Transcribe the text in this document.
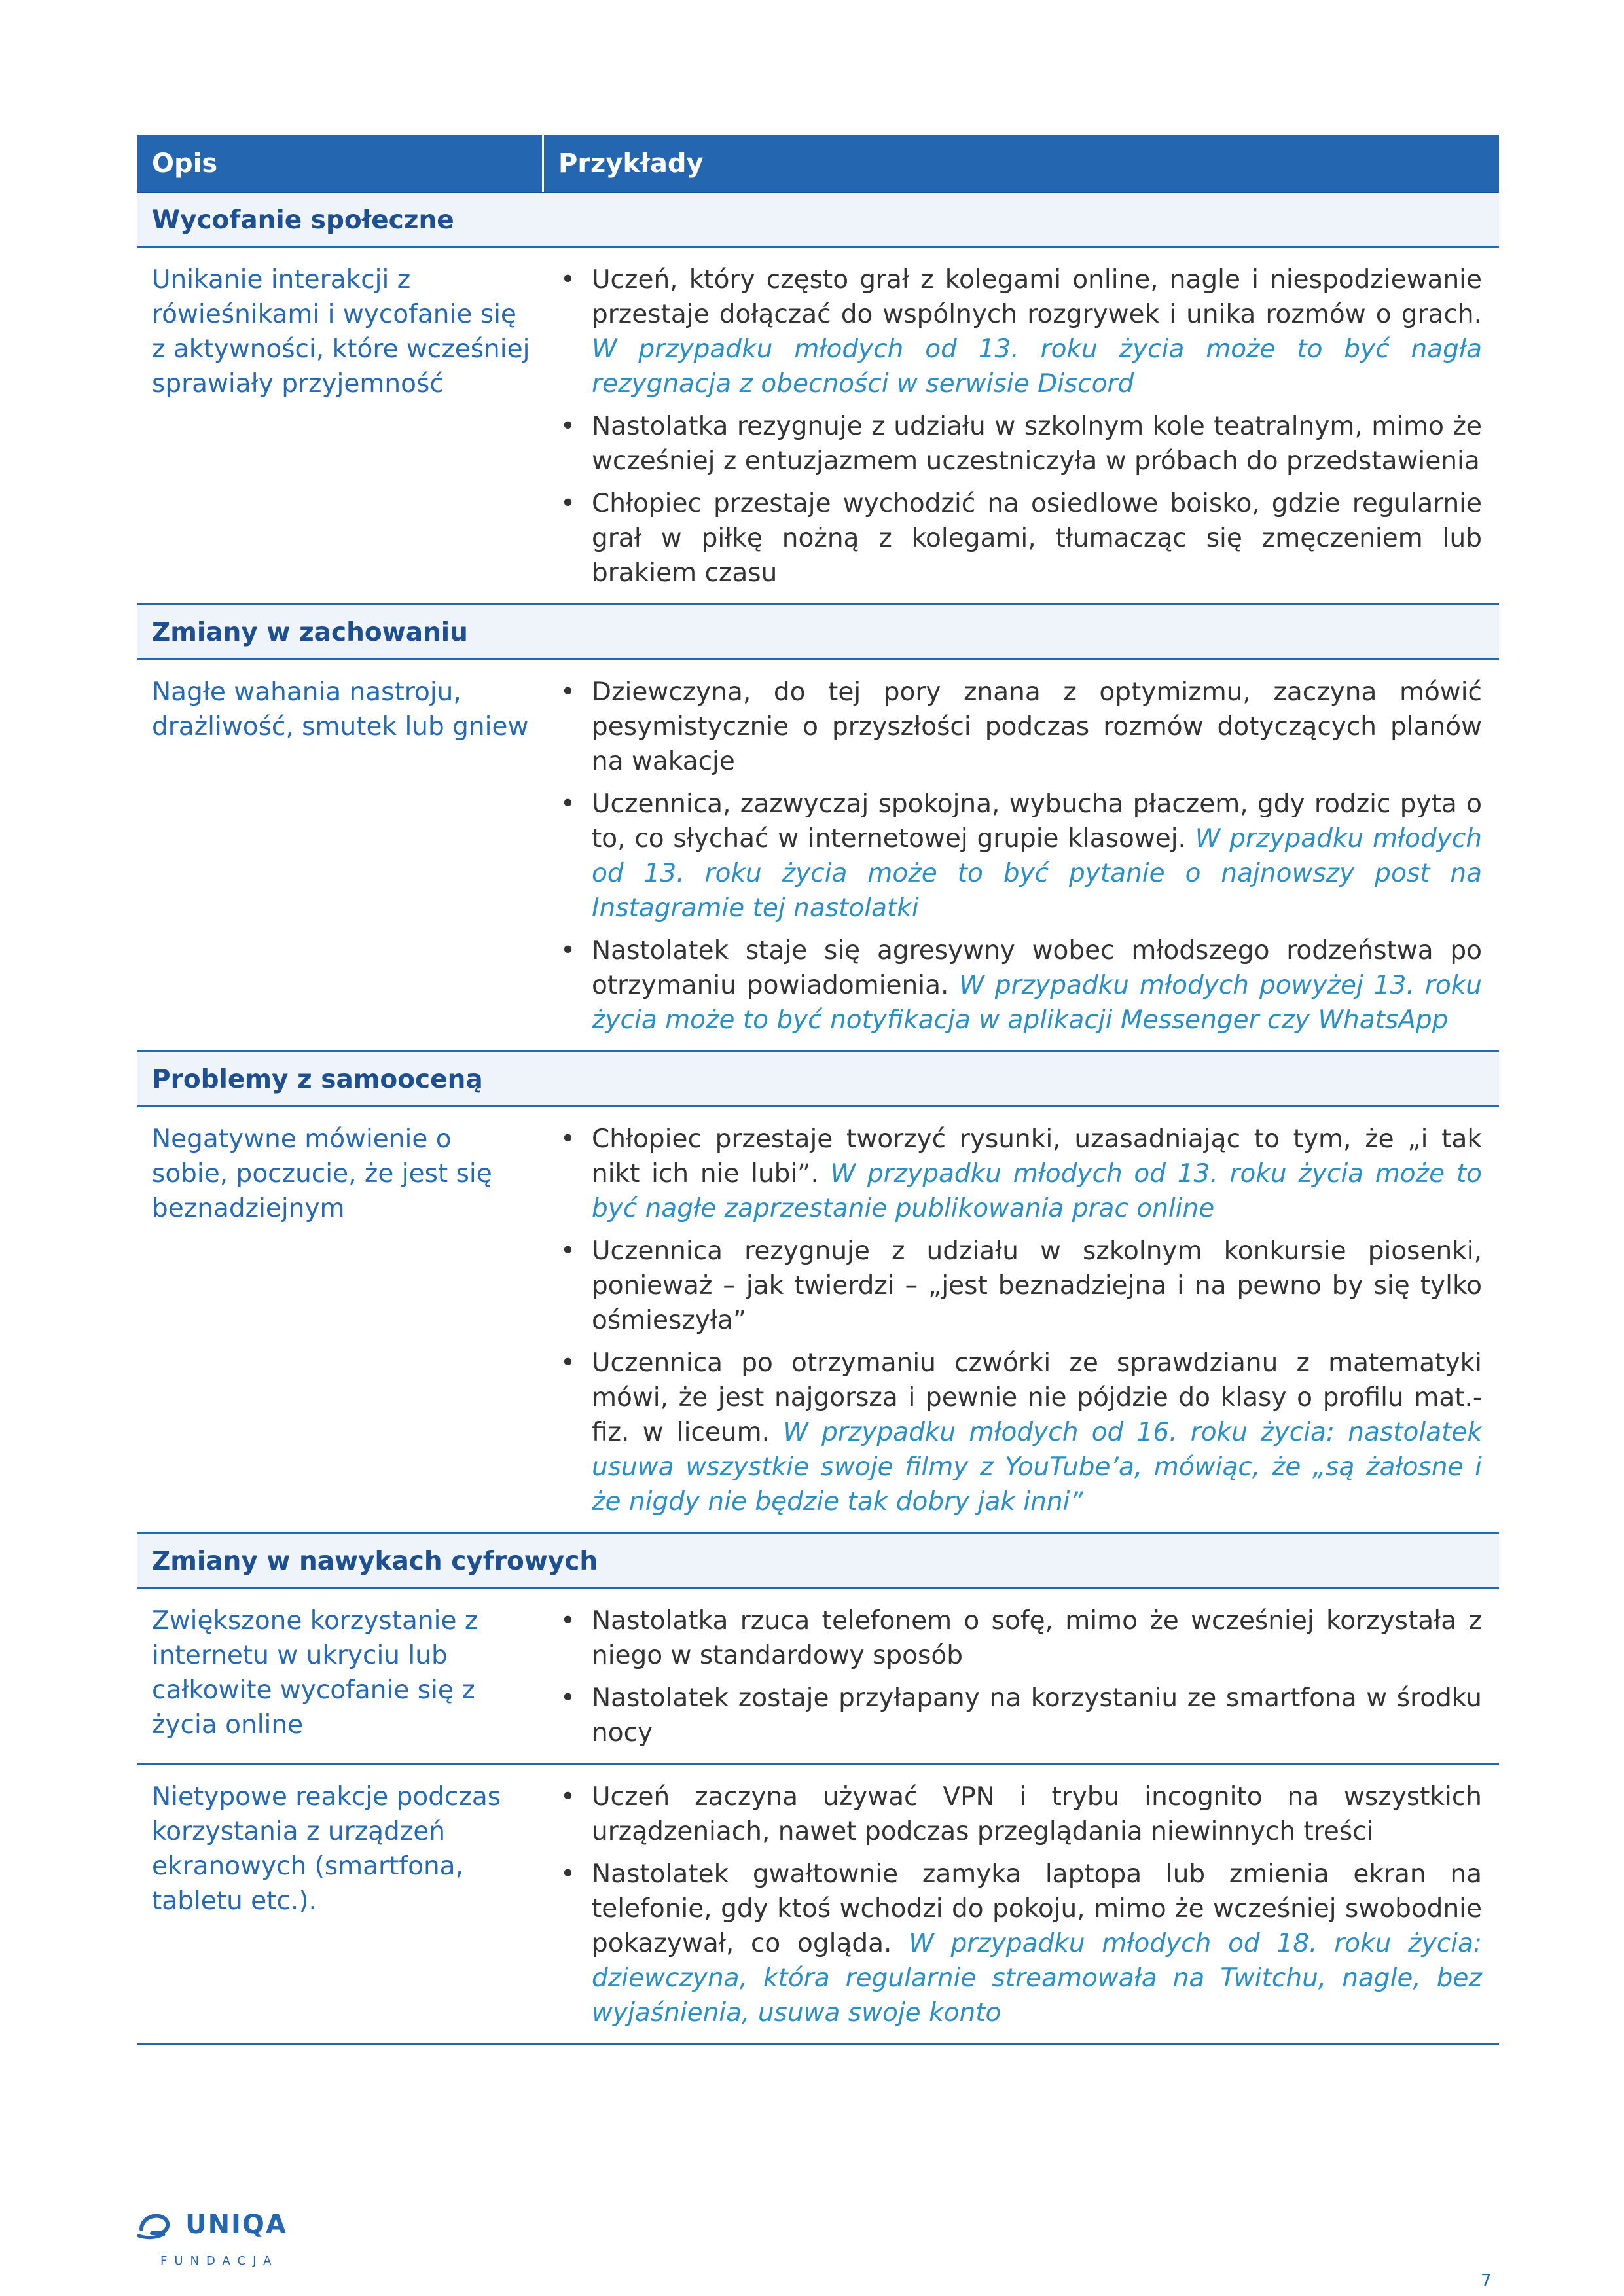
Opis	Przykłady
Wycofanie społeczne
Unikanie interakcji z rówieśnikami i wycofanie się z aktywności, które wcześniej sprawiały przyjemność
• Uczeń, który często grał z kolegami online, nagle i niespodziewanie przestaje dołączać do wspólnych rozgrywek i unika rozmów o grach. W przypadku młodych od 13. roku życia może to być nagła rezygnacja z obecności w serwisie Discord
• Nastolatka rezygnuje z udziału w szkolnym kole teatralnym, mimo że wcześniej z entuzjazmem uczestniczyła w próbach do przedstawienia
• Chłopiec przestaje wychodzić na osiedlowe boisko, gdzie regularnie grał w piłkę nożną z kolegami, tłumacząc się zmęczeniem lub brakiem czasu
Zmiany w zachowaniu
Nagłe wahania nastroju, drażliwość, smutek lub gniew
• Dziewczyna, do tej pory znana z optymizmu, zaczyna mówić pesymistycznie o przyszłości podczas rozmów dotyczących planów na wakacje
• Uczennica, zazwyczaj spokojna, wybucha płaczem, gdy rodzic pyta o to, co słychać w internetowej grupie klasowej. W przypadku młodych od 13. roku życia może to być pytanie o najnowszy post na Instagramie tej nastolatki
• Nastolatek staje się agresywny wobec młodszego rodzeństwa po otrzymaniu powiadomienia. W przypadku młodych powyżej 13. roku życia może to być notyfikacja w aplikacji Messenger czy WhatsApp
Problemy z samooceną
Negatywne mówienie o sobie, poczucie, że jest się beznadziejnym
• Chłopiec przestaje tworzyć rysunki, uzasadniając to tym, że „i tak nikt ich nie lubi”. W przypadku młodych od 13. roku życia może to być nagłe zaprzestanie publikowania prac online
• Uczennica rezygnuje z udziału w szkolnym konkursie piosenki, ponieważ – jak twierdzi – „jest beznadziejna i na pewno by się tylko ośmieszyła”
• Uczennica po otrzymaniu czwórki ze sprawdzianu z matematyki mówi, że jest najgorsza i pewnie nie pójdzie do klasy o profilu mat.-fiz. w liceum. W przypadku młodych od 16. roku życia: nastolatek usuwa wszystkie swoje filmy z YouTube’a, mówiąc, że „są żałosne i że nigdy nie będzie tak dobry jak inni”
Zmiany w nawykach cyfrowych
Zwiększone korzystanie z internetu w ukryciu lub całkowite wycofanie się z życia online
• Nastolatka rzuca telefonem o sofę, mimo że wcześniej korzystała z niego w standardowy sposób
• Nastolatek zostaje przyłapany na korzystaniu ze smartfona w środku nocy
Nietypowe reakcje podczas korzystania z urządzeń ekranowych (smartfona, tabletu etc.).
• Uczeń zaczyna używać VPN i trybu incognito na wszystkich urządzeniach, nawet podczas przeglądania niewinnych treści
• Nastolatek gwałtownie zamyka laptopa lub zmienia ekran na telefonie, gdy ktoś wchodzi do pokoju, mimo że wcześniej swobodnie pokazywał, co ogląda. W przypadku młodych od 18. roku życia: dziewczyna, która regularnie streamowała na Twitchu, nagle, bez wyjaśnienia, usuwa swoje konto
UNIQA
FUNDACJA
7
